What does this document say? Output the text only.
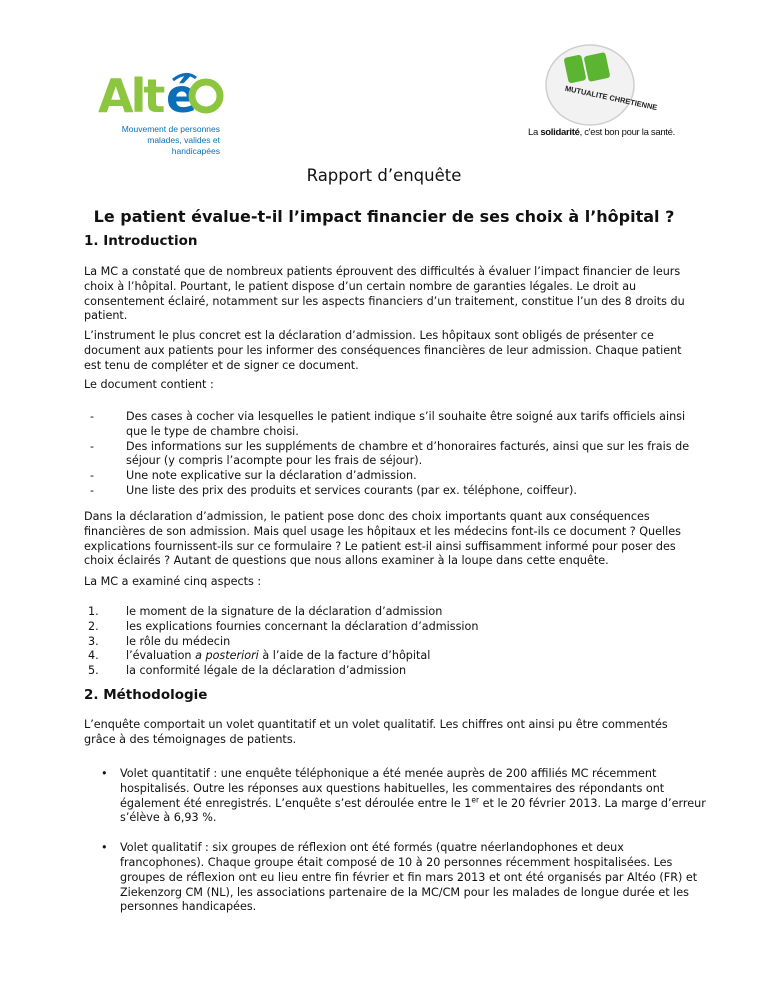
Alt é
Mouvement de personnes malades, valides et handicapées
MUTUALITE CHRETIENNE
La solidarité, c'est bon pour la santé.
Rapport d’enquête
Le patient évalue-t-il l’impact financier de ses choix à l’hôpital ?
1. Introduction
La MC a constaté que de nombreux patients éprouvent des difficultés à évaluer l’impact financier de leurs choix à l’hôpital. Pourtant, le patient dispose d’un certain nombre de garanties légales. Le droit au consentement éclairé, notamment sur les aspects financiers d’un traitement, constitue l’un des 8 droits du patient.
L’instrument le plus concret est la déclaration d’admission. Les hôpitaux sont obligés de présenter ce document aux patients pour les informer des conséquences financières de leur admission. Chaque patient est tenu de compléter et de signer ce document.
Le document contient :
-	Des cases à cocher via lesquelles le patient indique s’il souhaite être soigné aux tarifs officiels ainsi que le type de chambre choisi.
-	Des informations sur les suppléments de chambre et d’honoraires facturés, ainsi que sur les frais de séjour (y compris l’acompte pour les frais de séjour).
-	Une note explicative sur la déclaration d’admission.
-	Une liste des prix des produits et services courants (par ex. téléphone, coiffeur).
Dans la déclaration d’admission, le patient pose donc des choix importants quant aux conséquences financières de son admission. Mais quel usage les hôpitaux et les médecins font-ils ce document ? Quelles explications fournissent-ils sur ce formulaire ? Le patient est-il ainsi suffisamment informé pour poser des choix éclairés ? Autant de questions que nous allons examiner à la loupe dans cette enquête.
La MC a examiné cinq aspects :
1. le moment de la signature de la déclaration d’admission
2. les explications fournies concernant la déclaration d’admission
3. le rôle du médecin
4. l’évaluation a posteriori à l’aide de la facture d’hôpital
5. la conformité légale de la déclaration d’admission
2. Méthodologie
L’enquête comportait un volet quantitatif et un volet qualitatif. Les chiffres ont ainsi pu être commentés grâce à des témoignages de patients.
• Volet quantitatif : une enquête téléphonique a été menée auprès de 200 affiliés MC récemment hospitalisés. Outre les réponses aux questions habituelles, les commentaires des répondants ont également été enregistrés. L’enquête s’est déroulée entre le 1er et le 20 février 2013. La marge d’erreur s’élève à 6,93 %.
• Volet qualitatif : six groupes de réflexion ont été formés (quatre néerlandophones et deux francophones). Chaque groupe était composé de 10 à 20 personnes récemment hospitalisées. Les groupes de réflexion ont eu lieu entre fin février et fin mars 2013 et ont été organisés par Altéo (FR) et Ziekenzorg CM (NL), les associations partenaire de la MC/CM pour les malades de longue durée et les personnes handicapées.
